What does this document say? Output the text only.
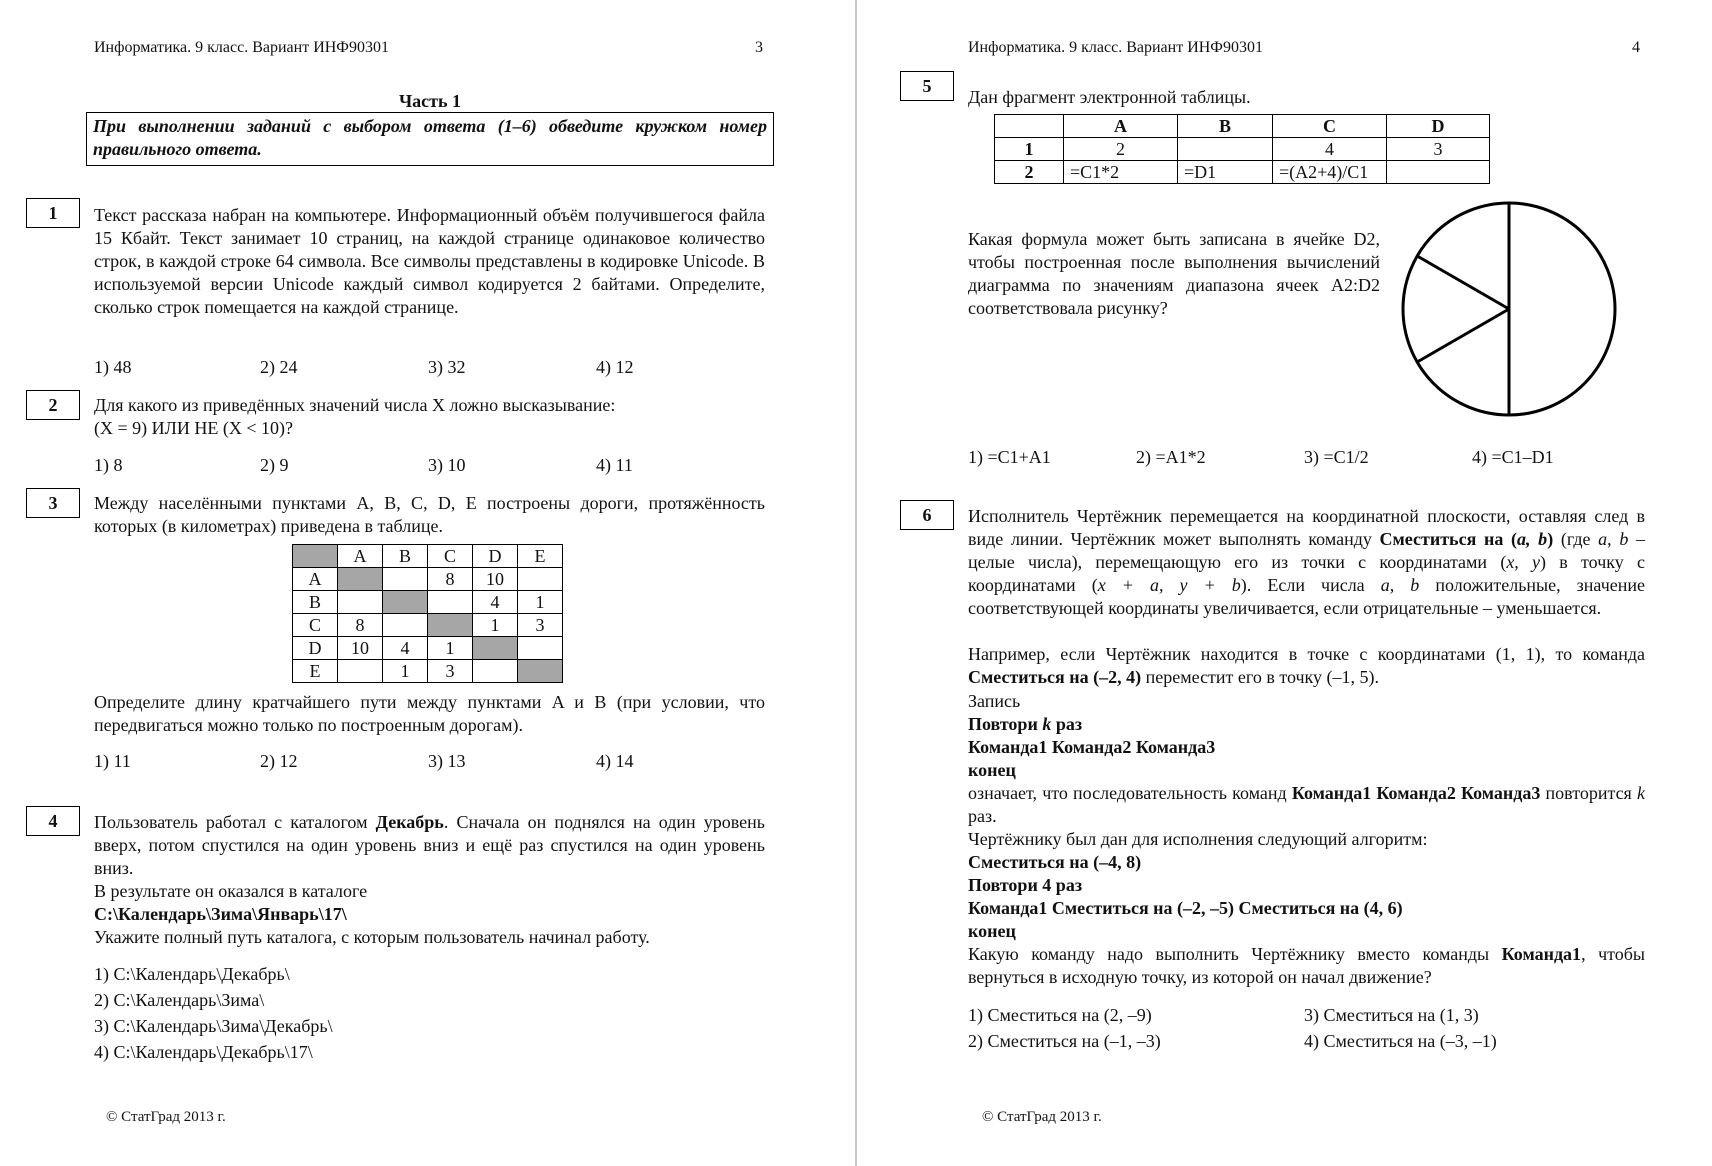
Информатика. 9 класс. Вариант ИНФ90301	3
Часть 1
При выполнении заданий с выбором ответа (1–6) обведите кружком номер правильного ответа.
1	Текст рассказа набран на компьютере. Информационный объём получившегося файла 15 Кбайт. Текст занимает 10 страниц, на каждой странице одинаковое количество строк, в каждой строке 64 символа. Все символы представлены в кодировке Unicode. В используемой версии Unicode каждый символ кодируется 2 байтами. Определите, сколько строк помещается на каждой странице.
1) 48	2) 24	3) 32	4) 12
2	Для какого из приведённых значений числа X ложно высказывание:
(X = 9) ИЛИ НЕ (X < 10)?
1) 8	2) 9	3) 10	4) 11
3	Между населёнными пунктами A, B, C, D, E построены дороги, протяжённость которых (в километрах) приведена в таблице.
	A	B	C	D	E
A			8	10	
B				4	1
C	8			1	3
D	10	4	1		
E		1	3		
Определите длину кратчайшего пути между пунктами A и B (при условии, что передвигаться можно только по построенным дорогам).
1) 11	2) 12	3) 13	4) 14
4	Пользователь работал с каталогом Декабрь. Сначала он поднялся на один уровень вверх, потом спустился на один уровень вниз и ещё раз спустился на один уровень вниз.
В результате он оказался в каталоге
С:\Календарь\Зима\Январь\17\
Укажите полный путь каталога, с которым пользователь начинал работу.
1) С:\Календарь\Декабрь\
2) С:\Календарь\Зима\
3) С:\Календарь\Зима\Декабрь\
4) С:\Календарь\Декабрь\17\
© СтатГрад 2013 г.
Информатика. 9 класс. Вариант ИНФ90301	4
5
Дан фрагмент электронной таблицы.
	A	B	C	D
1	2		4	3
2	=C1*2	=D1	=(A2+4)/C1	
Какая формула может быть записана в ячейке D2, чтобы построенная после выполнения вычислений диаграмма по значениям диапазона ячеек A2:D2 соответствовала рисунку?
1) =C1+A1	2) =A1*2	3) =C1/2	4) =C1–D1
6	Исполнитель Чертёжник перемещается на координатной плоскости, оставляя след в виде линии. Чертёжник может выполнять команду Сместиться на (a, b) (где a, b – целые числа), перемещающую его из точки с координатами (x, y) в точку с координатами (x + a, y + b). Если числа a, b положительные, значение соответствующей координаты увеличивается, если отрицательные – уменьшается.
Например, если Чертёжник находится в точке с координатами (1, 1), то команда Сместиться на (–2, 4) переместит его в точку (–1, 5).
Запись
Повтори k раз
Команда1 Команда2 Команда3
конец
означает, что последовательность команд Команда1 Команда2 Команда3 повторится k раз.
Чертёжнику был дан для исполнения следующий алгоритм:
Сместиться на (–4, 8)
Повтори 4 раз
Команда1 Сместиться на (–2, –5) Сместиться на (4, 6)
конец
Какую команду надо выполнить Чертёжнику вместо команды Команда1, чтобы вернуться в исходную точку, из которой он начал движение?
1) Сместиться на (2, –9)	3) Сместиться на (1, 3)
2) Сместиться на (–1, –3)	4) Сместиться на (–3, –1)
© СтатГрад 2013 г.
